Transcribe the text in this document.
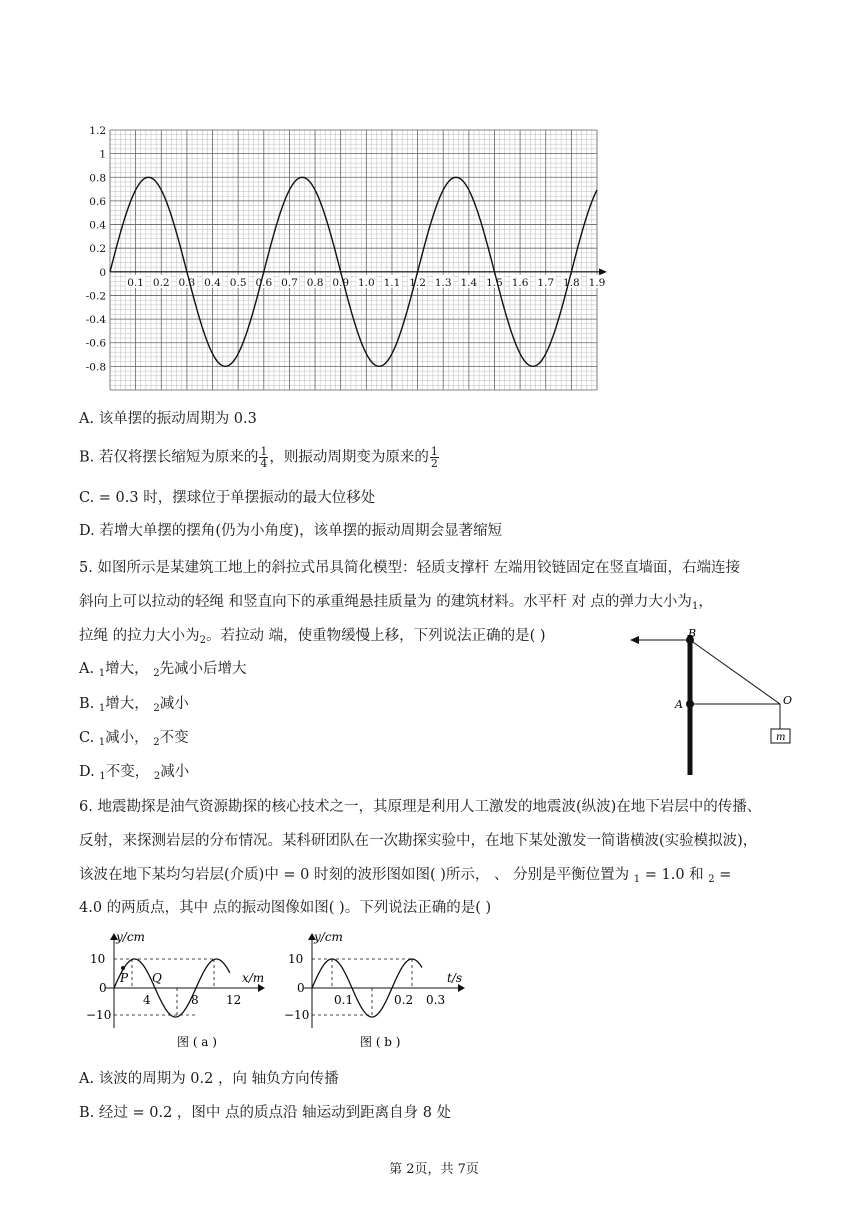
1.2
1
0.8
0.6
0.4
0.2
0
-0.2
-0.4
-0.6
-0.8
0.1 0.2 0.3 0.4 0.5 0.6 0.7 0.8 0.9 1.0 1.1 1.2 1.3 1.4 1.5 1.6 1.7 1.8 1.9
A. 该单摆的振动周期为 0.3
B. 若仅将摆长缩短为原来的 $\frac{1}{4}$ ，则振动周期变为原来的 $\frac{1}{2}$
C. = 0.3 时，摆球位于单摆振动的最大位移处
D. 若增大单摆的摆角(仍为小角度)，该单摆的振动周期会显著缩短
5. 如图所示是某建筑工地上的斜拉式吊具简化模型：轻质支撑杆 左端用铰链固定在竖直墙面，右端连接
斜向上可以拉动的轻绳 和竖直向下的承重绳悬挂质量为 的建筑材料。水平杆 对 点的弹力大小为$_1$，
拉绳 的拉力大小为$_2$。若拉动 端，使重物缓慢上移，下列说法正确的是( )
A. $_1$增大， $_2$先减小后增大
B. $_1$增大， $_2$减小
C. $_1$减小， $_2$不变
D. $_1$不变， $_2$减小
B
A	O
m
6. 地震勘探是油气资源勘探的核心技术之一，其原理是利用人工激发的地震波(纵波)在地下岩层中的传播、
反射，来探测岩层的分布情况。某科研团队在一次勘探实验中，在地下某处激发一简谐横波(实验模拟波)，
该波在地下某均匀岩层(介质)中 = 0 时刻的波形图如图( )所示， 、 分别是平衡位置为 $_1$ = 1.0 和 $_2$ =
4.0 的两质点，其中 点的振动图像如图( )。下列说法正确的是( )
y/cm
x/m
10
0
−10
4	8 12
P Q
图 ( a )
y/cm
t/s
10
0
−10
0.1	0.2 0.3
图 ( b )
A. 该波的周期为 0.2 ，向 轴负方向传播
B. 经过 = 0.2 ，图中 点的质点沿 轴运动到距离自身 8 处
第 2页，共 7页
